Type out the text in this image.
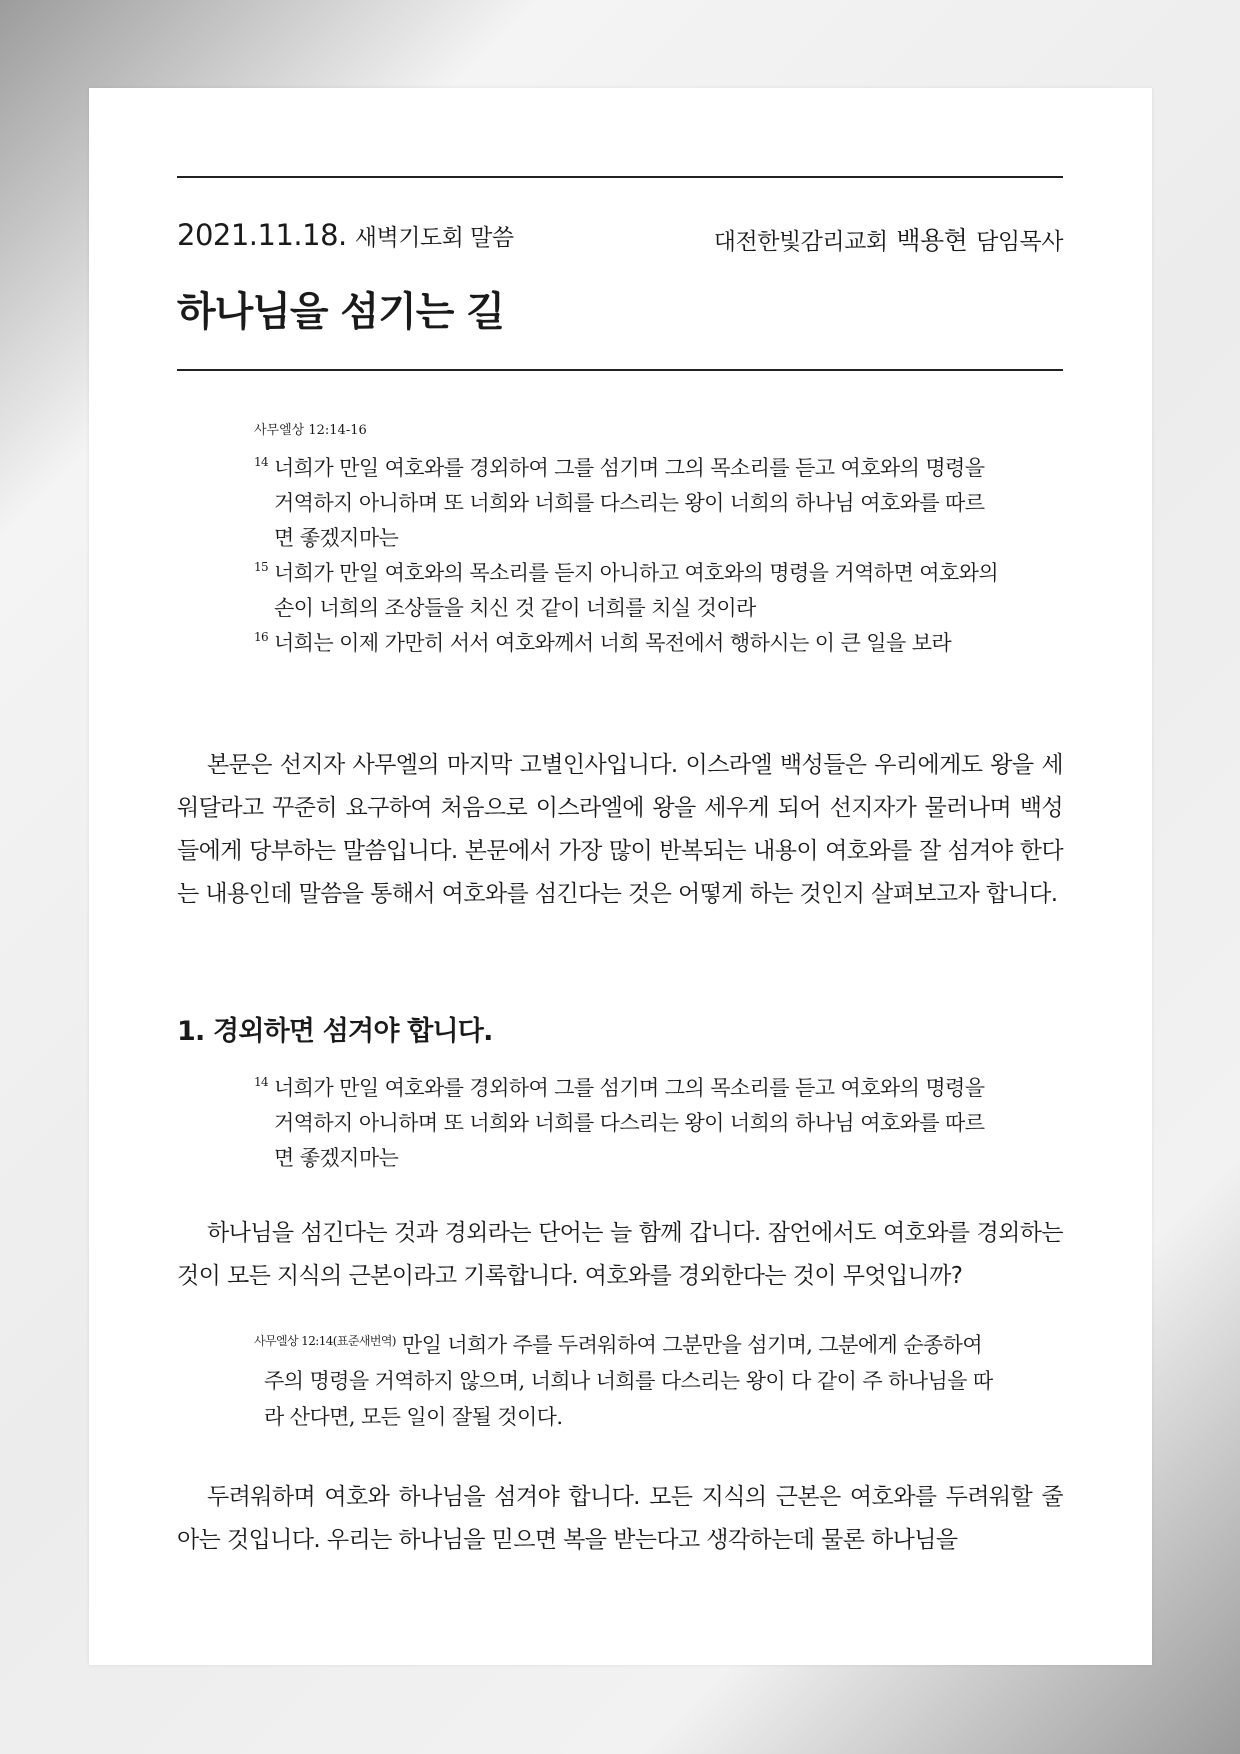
2021.11.18. 새벽기도회 말씀	대전한빛감리교회 백용현 담임목사
하나님을 섬기는 길
사무엘상 12:14-16
$^{14}$ 너희가 만일 여호와를 경외하여 그를 섬기며 그의 목소리를 듣고 여호와의 명령을 거역하지 아니하며 또 너희와 너희를 다스리는 왕이 너희의 하나님 여호와를 따르면 좋겠지마는
$^{15}$ 너희가 만일 여호와의 목소리를 듣지 아니하고 여호와의 명령을 거역하면 여호와의 손이 너희의 조상들을 치신 것 같이 너희를 치실 것이라
$^{16}$ 너희는 이제 가만히 서서 여호와께서 너희 목전에서 행하시는 이 큰 일을 보라

본문은 선지자 사무엘의 마지막 고별인사입니다. 이스라엘 백성들은 우리에게도 왕을 세워달라고 꾸준히 요구하여 처음으로 이스라엘에 왕을 세우게 되어 선지자가 물러나며 백성들에게 당부하는 말씀입니다. 본문에서 가장 많이 반복되는 내용이 여호와를 잘 섬겨야 한다는 내용인데 말씀을 통해서 여호와를 섬긴다는 것은 어떻게 하는 것인지 살펴보고자 합니다.

1. 경외하면 섬겨야 합니다.
$^{14}$ 너희가 만일 여호와를 경외하여 그를 섬기며 그의 목소리를 듣고 여호와의 명령을 거역하지 아니하며 또 너희와 너희를 다스리는 왕이 너희의 하나님 여호와를 따르면 좋겠지마는

하나님을 섬긴다는 것과 경외라는 단어는 늘 함께 갑니다. 잠언에서도 여호와를 경외하는 것이 모든 지식의 근본이라고 기록합니다. 여호와를 경외한다는 것이 무엇입니까?

$^{사무엘상 12:14(표준새번역)}$ 만일 너희가 주를 두려워하여 그분만을 섬기며, 그분에게 순종하여 주의 명령을 거역하지 않으며, 너희나 너희를 다스리는 왕이 다 같이 주 하나님을 따라 산다면, 모든 일이 잘될 것이다.

두려워하며 여호와 하나님을 섬겨야 합니다. 모든 지식의 근본은 여호와를 두려워할 줄 아는 것입니다. 우리는 하나님을 믿으면 복을 받는다고 생각하는데 물론 하나님을
